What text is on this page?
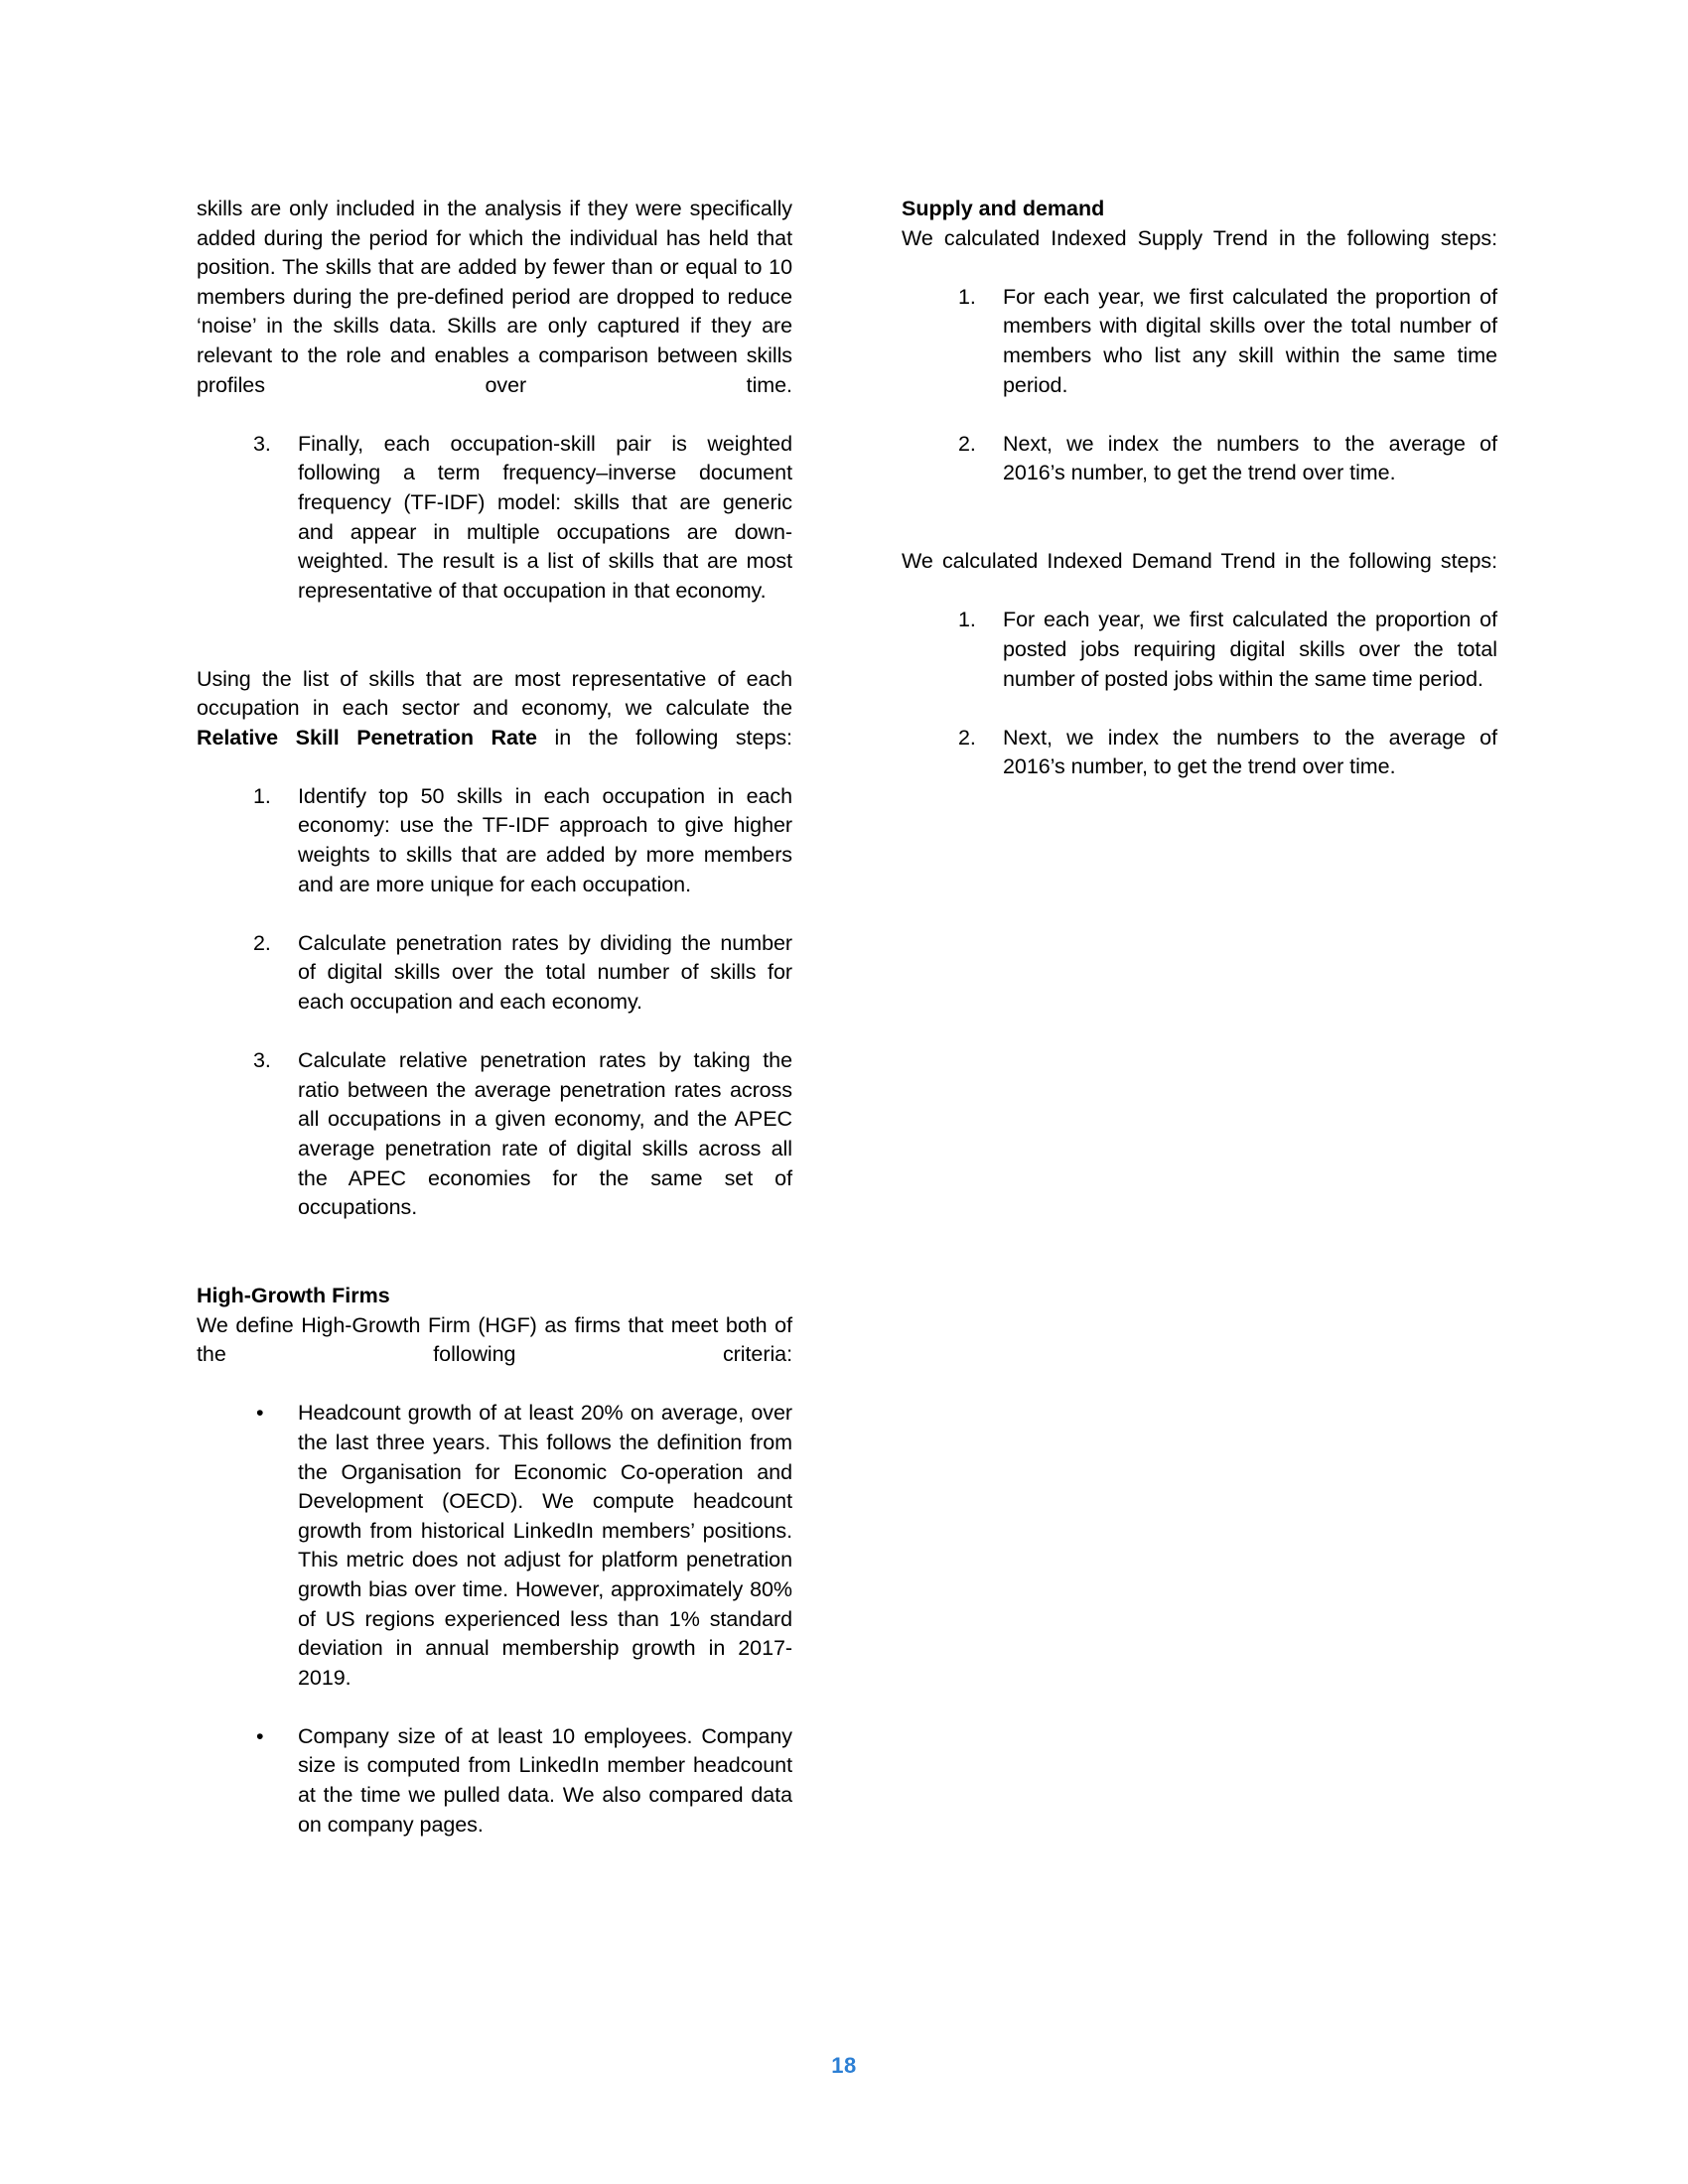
skills are only included in the analysis if they were specifically added during the period for which the individual has held that position. The skills that are added by fewer than or equal to 10 members during the pre-defined period are dropped to reduce ‘noise’ in the skills data. Skills are only captured if they are relevant to the role and enables a comparison between skills profiles over time.

3.	Finally, each occupation-skill pair is weighted following a term frequency–inverse document frequency (TF-IDF) model: skills that are generic and appear in multiple occupations are down-weighted. The result is a list of skills that are most representative of that occupation in that economy.

Using the list of skills that are most representative of each occupation in each sector and economy, we calculate the Relative Skill Penetration Rate in the following steps:

1.	Identify top 50 skills in each occupation in each economy: use the TF-IDF approach to give higher weights to skills that are added by more members and are more unique for each occupation.
2.	Calculate penetration rates by dividing the number of digital skills over the total number of skills for each occupation and each economy.
3.	Calculate relative penetration rates by taking the ratio between the average penetration rates across all occupations in a given economy, and the APEC average penetration rate of digital skills across all the APEC economies for the same set of occupations.

High-Growth Firms

We define High-Growth Firm (HGF) as firms that meet both of the following criteria:

•	Headcount growth of at least 20% on average, over the last three years. This follows the definition from the Organisation for Economic Co-operation and Development (OECD). We compute headcount growth from historical LinkedIn members’ positions. This metric does not adjust for platform penetration growth bias over time. However, approximately 80% of US regions experienced less than 1% standard deviation in annual membership growth in 2017-2019.
•	Company size of at least 10 employees. Company size is computed from LinkedIn member headcount at the time we pulled data. We also compared data on company pages.

Supply and demand

We calculated Indexed Supply Trend in the following steps:

1.	For each year, we first calculated the proportion of members with digital skills over the total number of members who list any skill within the same time period.
2.	Next, we index the numbers to the average of 2016’s number, to get the trend over time.

We calculated Indexed Demand Trend in the following steps:

1.	For each year, we first calculated the proportion of posted jobs requiring digital skills over the total number of posted jobs within the same time period.
2.	Next, we index the numbers to the average of 2016’s number, to get the trend over time.
18
